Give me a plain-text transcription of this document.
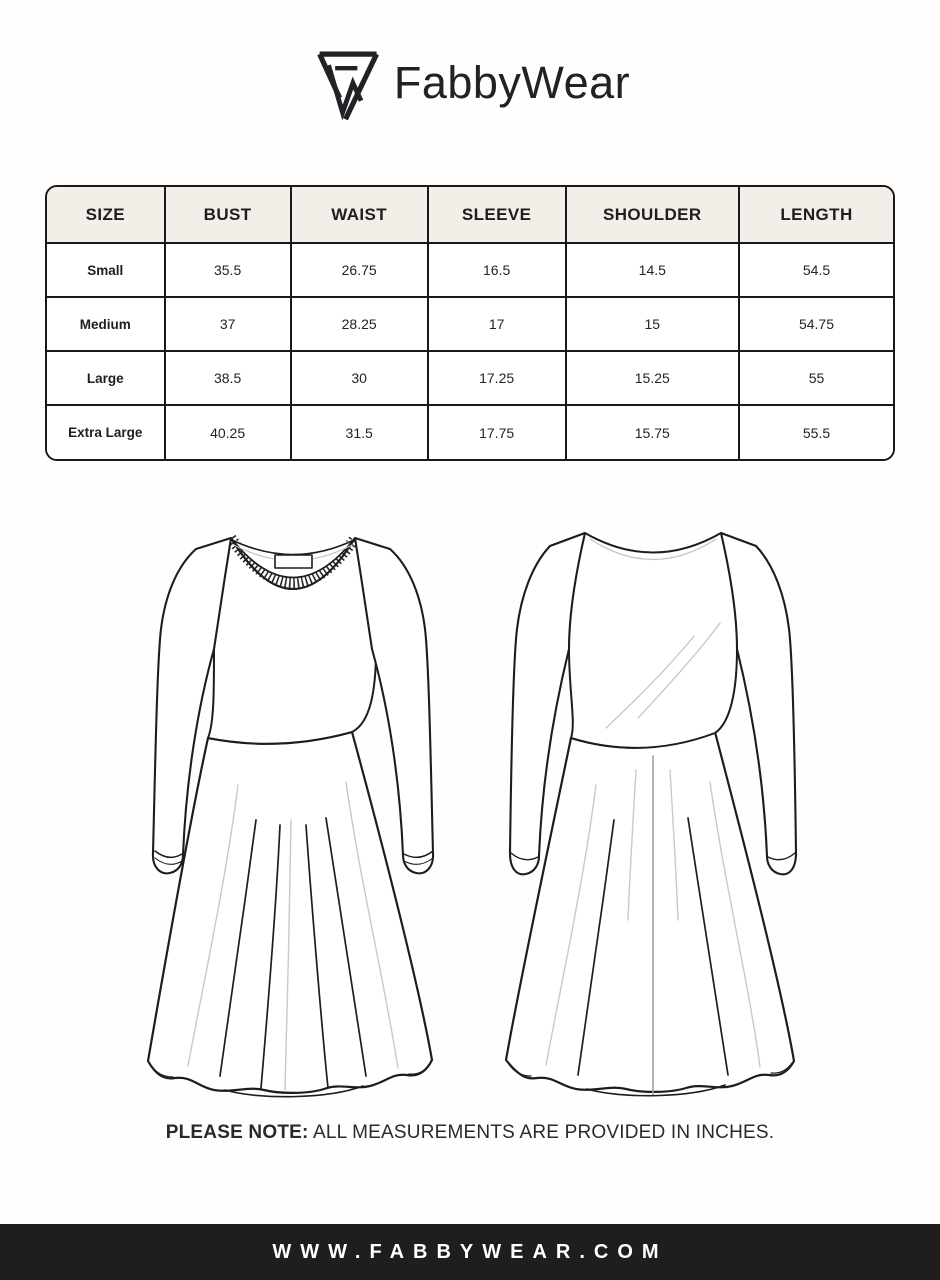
FabbyWear
SIZE	BUST	WAIST	SLEEVE	SHOULDER	LENGTH
Small	35.5	26.75	16.5	14.5	54.5
Medium	37	28.25	17	15	54.75
Large	38.5	30	17.25	15.25	55
Extra Large	40.25	31.5	17.75	15.75	55.5
PLEASE NOTE: ALL MEASUREMENTS ARE PROVIDED IN INCHES.
WWW.FABBYWEAR.COM
